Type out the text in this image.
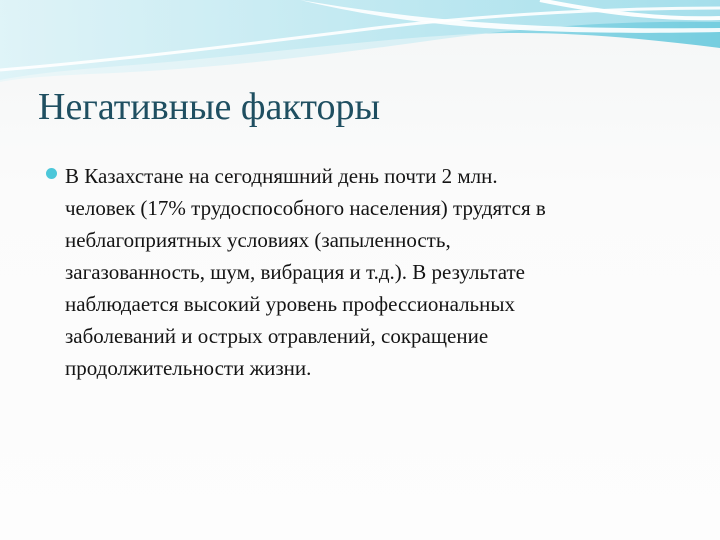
Негативные факторы
В Казахстане на сегодняшний день почти 2 млн.
человек (17% трудоспособного населения) трудятся в
неблагоприятных условиях (запыленность,
загазованность, шум, вибрация и т.д.). В результате
наблюдается высокий уровень профессиональных
заболеваний и острых отравлений, сокращение
продолжительности жизни.
